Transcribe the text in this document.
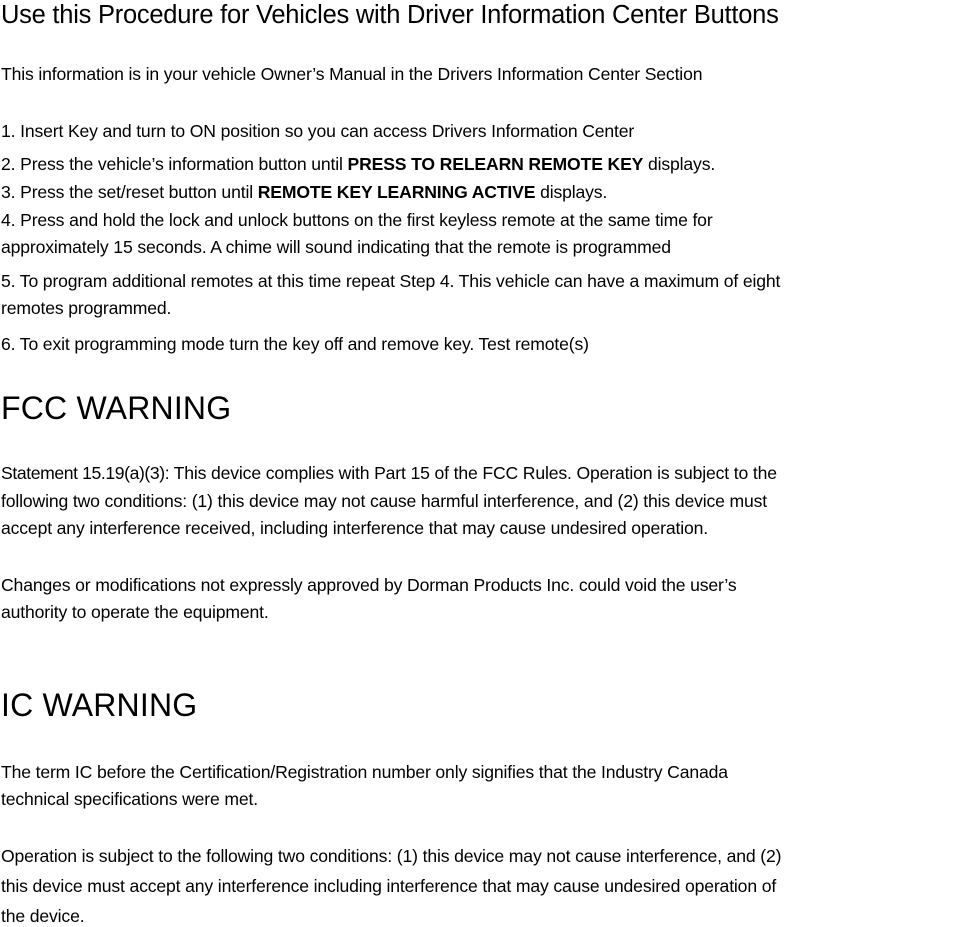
Use this Procedure for Vehicles with Driver Information Center Buttons
This information is in your vehicle Owner’s Manual in the Drivers Information Center Section
1. Insert Key and turn to ON position so you can access Drivers Information Center
2. Press the vehicle’s information button until PRESS TO RELEARN REMOTE KEY displays.
3. Press the set/reset button until REMOTE KEY LEARNING ACTIVE displays.
4. Press and hold the lock and unlock buttons on the first keyless remote at the same time for
approximately 15 seconds. A chime will sound indicating that the remote is programmed
5. To program additional remotes at this time repeat Step 4. This vehicle can have a maximum of eight
remotes programmed.
6. To exit programming mode turn the key off and remove key. Test remote(s)
FCC WARNING
Statement 15.19(a)(3): This device complies with Part 15 of the FCC Rules. Operation is subject to the
following two conditions: (1) this device may not cause harmful interference, and (2) this device must
accept any interference received, including interference that may cause undesired operation.
Changes or modifications not expressly approved by Dorman Products Inc. could void the user’s
authority to operate the equipment.
IC WARNING
The term IC before the Certification/Registration number only signifies that the Industry Canada
technical specifications were met.
Operation is subject to the following two conditions: (1) this device may not cause interference, and (2)
this device must accept any interference including interference that may cause undesired operation of
the device.
